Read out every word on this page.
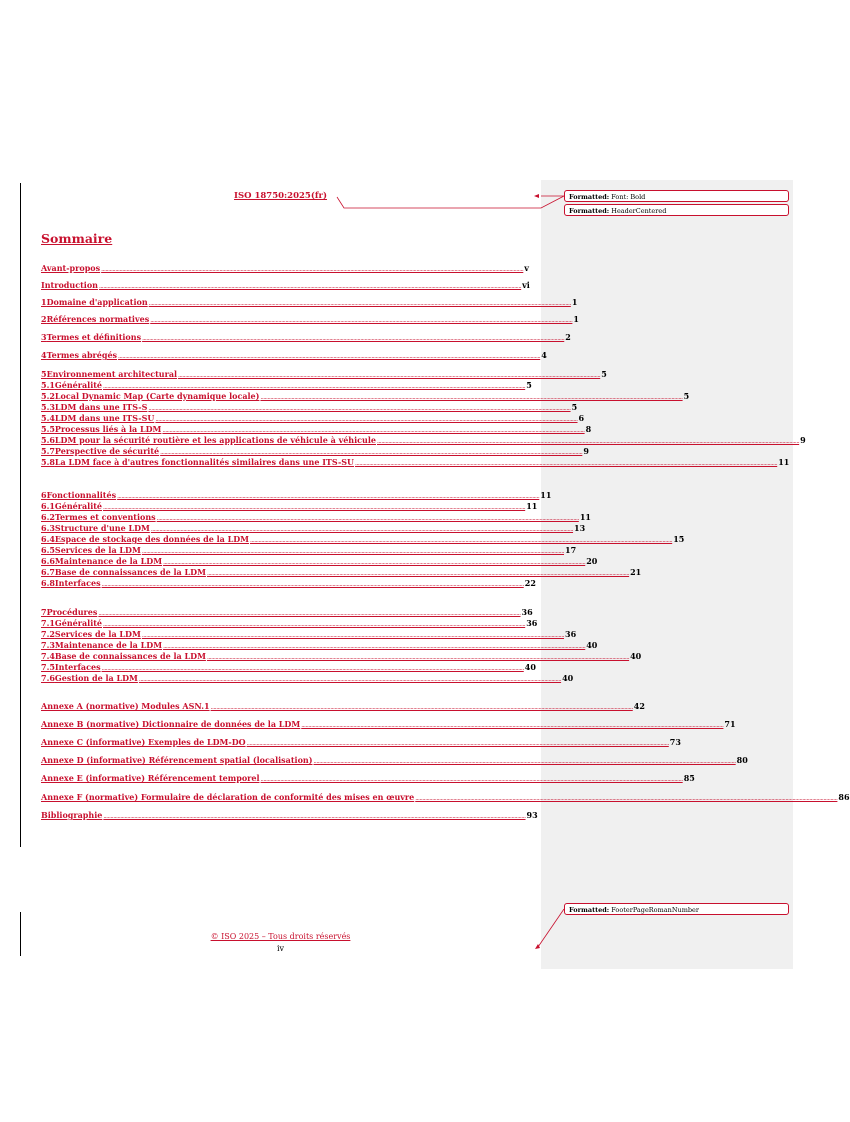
ISO 18750:2025(fr)
Sommaire
Avant-propos ............................................................................................................................................................................................................................................................................................................ v
Introduction ............................................................................................................................................................................................................................................................................................................ vi
1 Domaine d'application ............................................................................................................................................................................................................................................................................................................ 1
2 Références normatives ............................................................................................................................................................................................................................................................................................................ 1
3 Termes et définitions ............................................................................................................................................................................................................................................................................................................ 2
4 Termes abrégés ............................................................................................................................................................................................................................................................................................................ 4
5 Environnement architectural ............................................................................................................................................................................................................................................................................................................ 5
5.1 Généralité ............................................................................................................................................................................................................................................................................................................ 5
5.2 Local Dynamic Map (Carte dynamique locale) ............................................................................................................................................................................................................................................................................................................ 5
5.3 LDM dans une ITS-S ............................................................................................................................................................................................................................................................................................................ 5
5.4 LDM dans une ITS-SU ............................................................................................................................................................................................................................................................................................................ 6
5.5 Processus liés à la LDM ............................................................................................................................................................................................................................................................................................................ 8
5.6 LDM pour la sécurité routière et les applications de véhicule à véhicule ............................................................................................................................................................................................................................................................................................................ 9
5.7 Perspective de sécurité ............................................................................................................................................................................................................................................................................................................ 9
5.8 La LDM face à d'autres fonctionnalités similaires dans une ITS-SU ............................................................................................................................................................................................................................................................................................................ 11
6 Fonctionnalités ............................................................................................................................................................................................................................................................................................................ 11
6.1 Généralité ............................................................................................................................................................................................................................................................................................................ 11
6.2 Termes et conventions ............................................................................................................................................................................................................................................................................................................ 11
6.3 Structure d'une LDM ............................................................................................................................................................................................................................................................................................................ 13
6.4 Espace de stockage des données de la LDM ............................................................................................................................................................................................................................................................................................................ 15
6.5 Services de la LDM ............................................................................................................................................................................................................................................................................................................ 17
6.6 Maintenance de la LDM ............................................................................................................................................................................................................................................................................................................ 20
6.7 Base de connaissances de la LDM ............................................................................................................................................................................................................................................................................................................ 21
6.8 Interfaces ............................................................................................................................................................................................................................................................................................................ 22
7 Procédures ............................................................................................................................................................................................................................................................................................................ 36
7.1 Généralité ............................................................................................................................................................................................................................................................................................................ 36
7.2 Services de la LDM ............................................................................................................................................................................................................................................................................................................ 36
7.3 Maintenance de la LDM ............................................................................................................................................................................................................................................................................................................ 40
7.4 Base de connaissances de la LDM ............................................................................................................................................................................................................................................................................................................ 40
7.5 Interfaces ............................................................................................................................................................................................................................................................................................................ 40
7.6 Gestion de la LDM ............................................................................................................................................................................................................................................................................................................ 40
Annexe A (normative) Modules ASN.1 ............................................................................................................................................................................................................................................................................................................ 42
Annexe B (normative) Dictionnaire de données de la LDM ............................................................................................................................................................................................................................................................................................................ 71
Annexe C (informative) Exemples de LDM-DO ............................................................................................................................................................................................................................................................................................................ 73
Annexe D (informative) Référencement spatial (localisation) ............................................................................................................................................................................................................................................................................................................ 80
Annexe E (informative) Référencement temporel ............................................................................................................................................................................................................................................................................................................ 85
Annexe F (normative) Formulaire de déclaration de conformité des mises en œuvre ............................................................................................................................................................................................................................................................................................................ 86
Bibliographie ............................................................................................................................................................................................................................................................................................................ 93
© ISO 2025 – Tous droits réservés
iv
Formatted: Font: Bold
Formatted: HeaderCentered
Formatted: FooterPageRomanNumber
